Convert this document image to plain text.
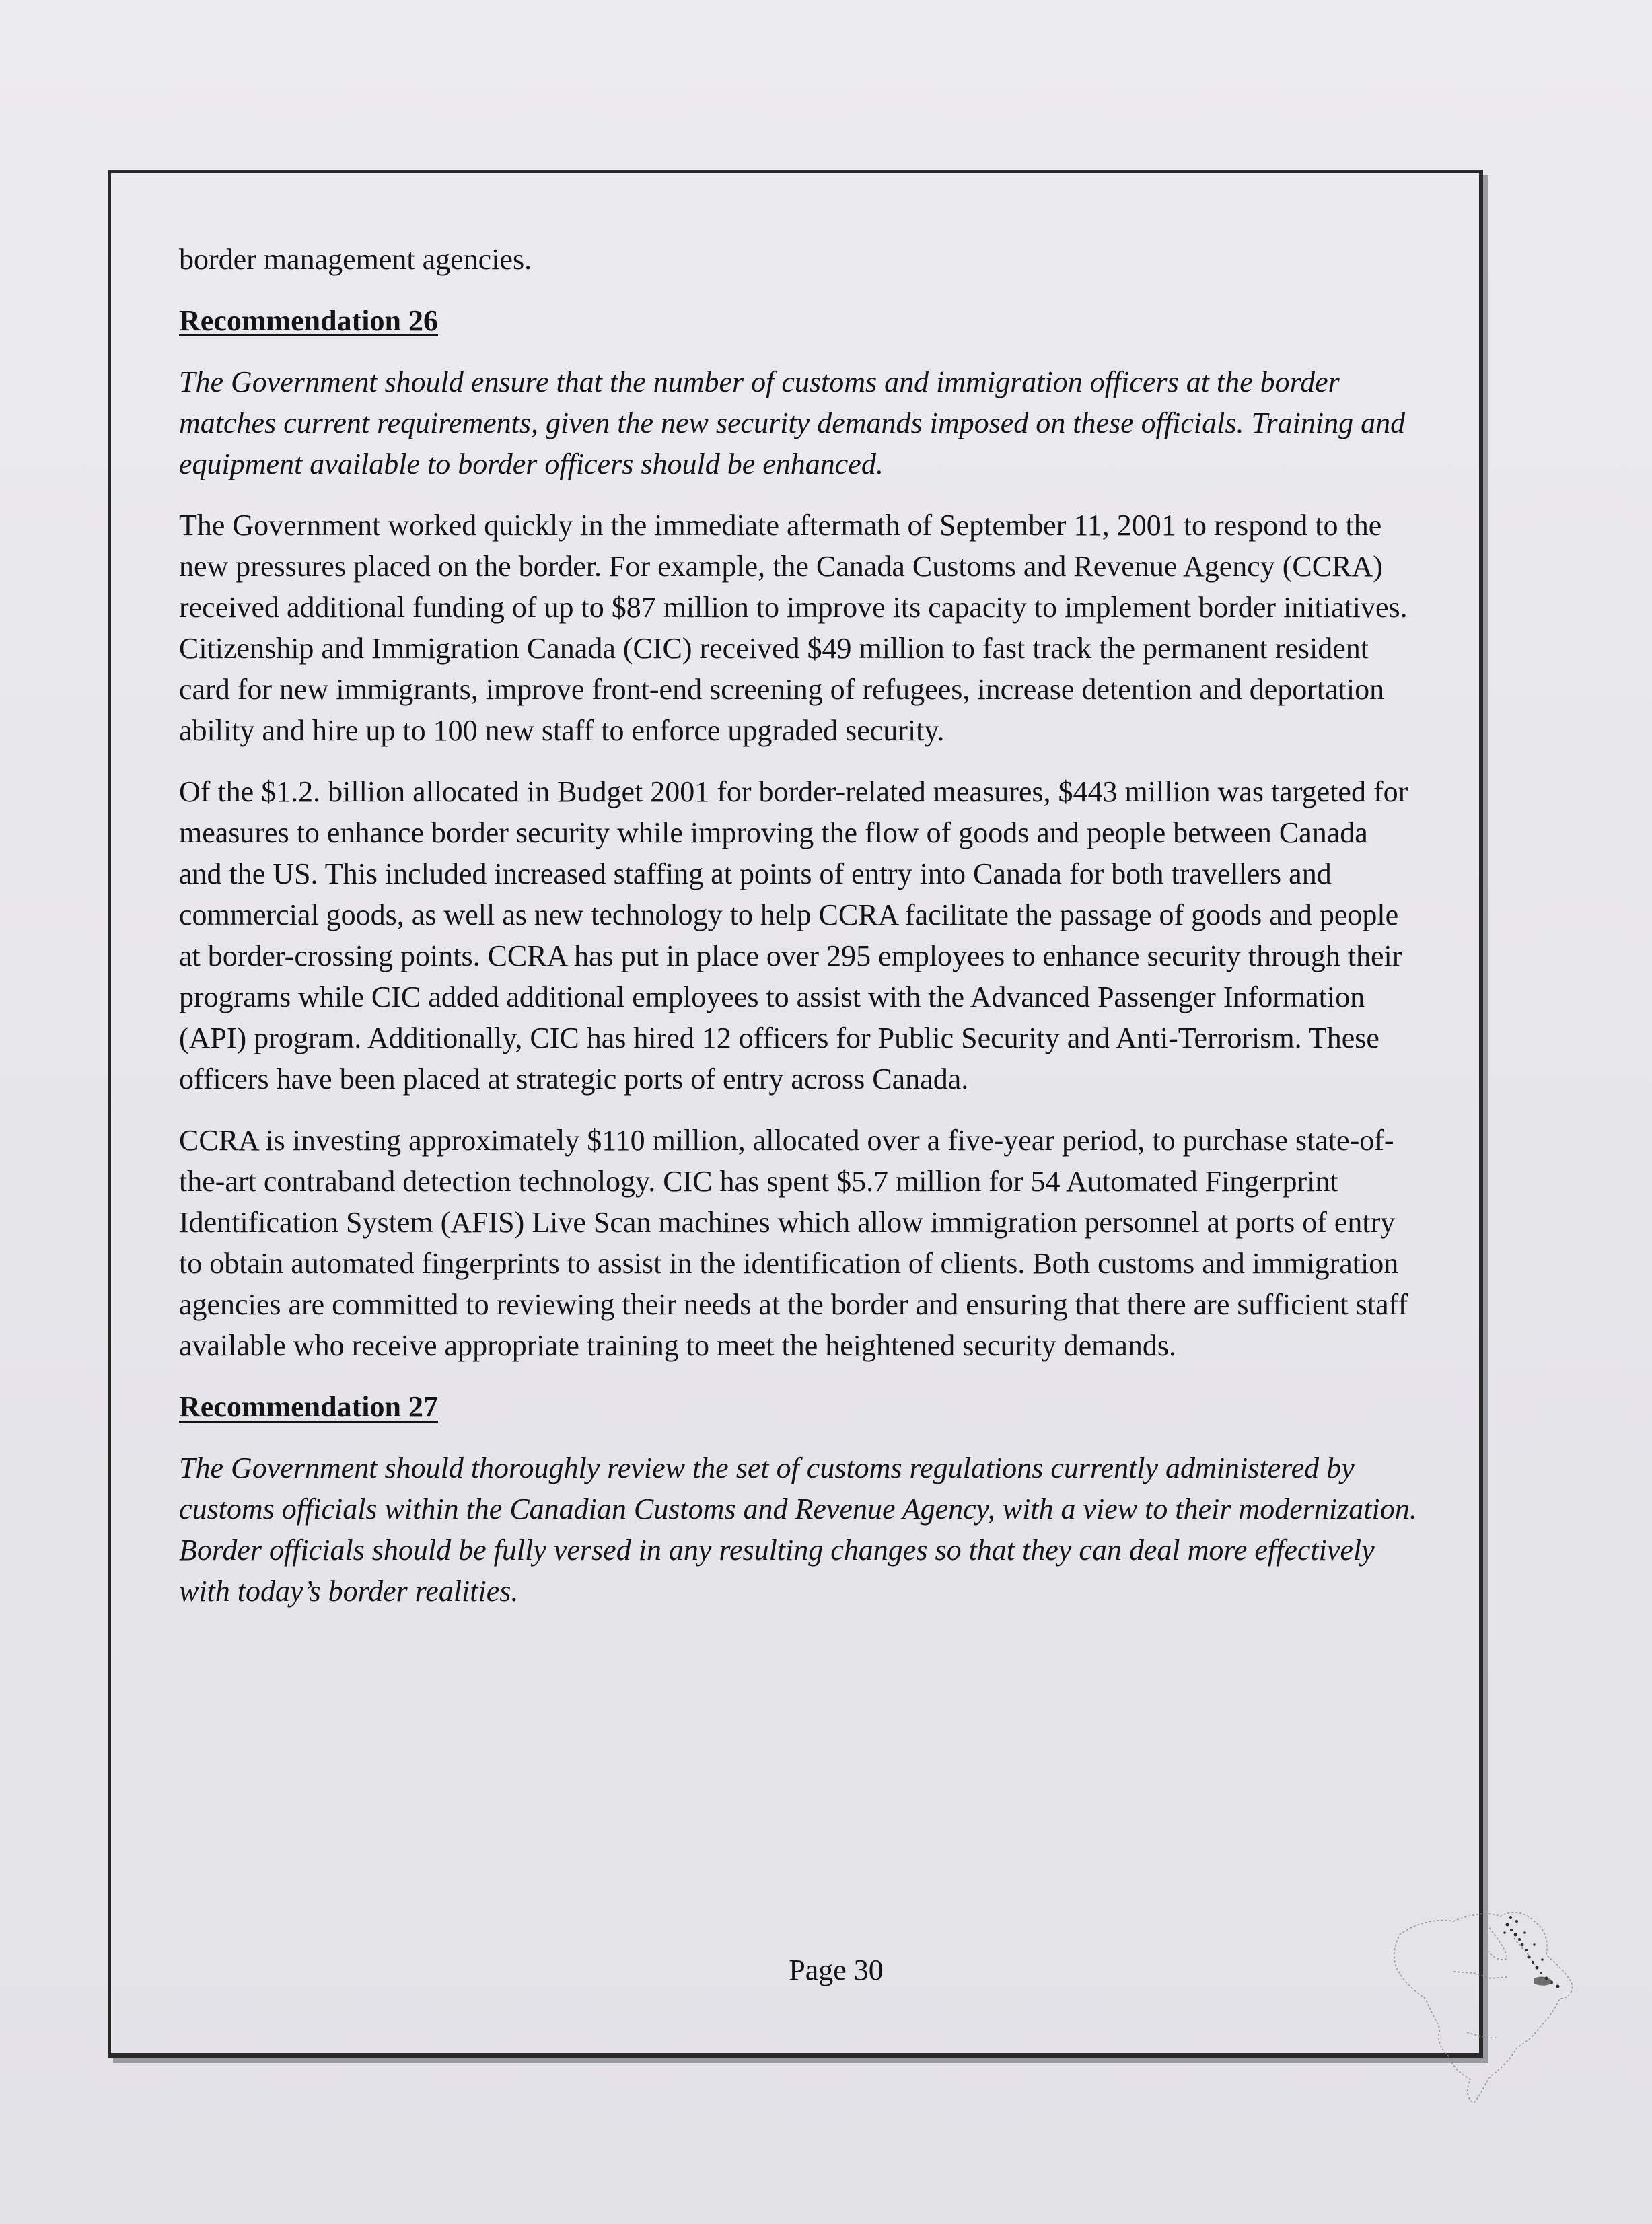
border management agencies.

Recommendation 26

The Government should ensure that the number of customs and immigration officers at the border matches current requirements, given the new security demands imposed on these officials. Training and equipment available to border officers should be enhanced.

The Government worked quickly in the immediate aftermath of September 11, 2001 to respond to the new pressures placed on the border. For example, the Canada Customs and Revenue Agency (CCRA) received additional funding of up to $87 million to improve its capacity to implement border initiatives. Citizenship and Immigration Canada (CIC) received $49 million to fast track the permanent resident card for new immigrants, improve front-end screening of refugees, increase detention and deportation ability and hire up to 100 new staff to enforce upgraded security.

Of the $1.2. billion allocated in Budget 2001 for border-related measures, $443 million was targeted for measures to enhance border security while improving the flow of goods and people between Canada and the US. This included increased staffing at points of entry into Canada for both travellers and commercial goods, as well as new technology to help CCRA facilitate the passage of goods and people at border-crossing points. CCRA has put in place over 295 employees to enhance security through their programs while CIC added additional employees to assist with the Advanced Passenger Information (API) program. Additionally, CIC has hired 12 officers for Public Security and Anti-Terrorism. These officers have been placed at strategic ports of entry across Canada.

CCRA is investing approximately $110 million, allocated over a five-year period, to purchase state-of-the-art contraband detection technology. CIC has spent $5.7 million for 54 Automated Fingerprint Identification System (AFIS) Live Scan machines which allow immigration personnel at ports of entry to obtain automated fingerprints to assist in the identification of clients. Both customs and immigration agencies are committed to reviewing their needs at the border and ensuring that there are sufficient staff available who receive appropriate training to meet the heightened security demands.

Recommendation 27

The Government should thoroughly review the set of customs regulations currently administered by customs officials within the Canadian Customs and Revenue Agency, with a view to their modernization. Border officials should be fully versed in any resulting changes so that they can deal more effectively with today’s border realities.

Page 30
